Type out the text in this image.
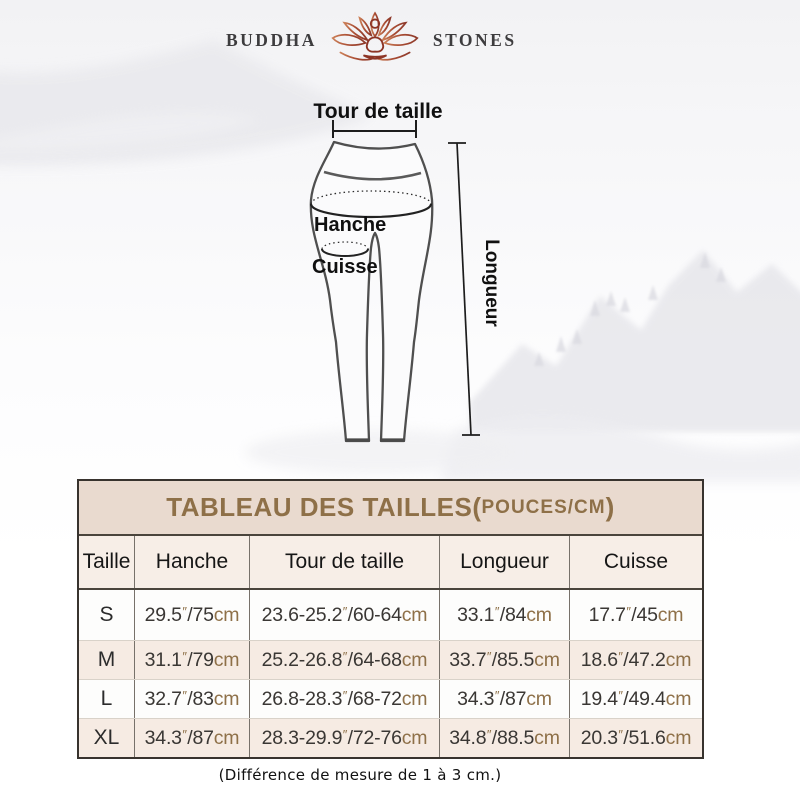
BUDDHA	STONES
Tour de taille
Hanche
Cuisse	Longueur
TABLEAU DES TAILLES( POUCES/CM )
Taille	Hanche	Tour de taille	Longueur	Cuisse
S	29.5″/75cm 23.6-25.2″/60-64cm 33.1″/84cm 17.7″/45cm
M	31.1″/79cm 25.2-26.8″/64-68cm 33.7″/85.5cm 18.6″/47.2cm
L	32.7″/83cm 26.8-28.3″/68-72cm 34.3″/87cm 19.4″/49.4cm
XL	34.3″/87cm 28.3-29.9″/72-76cm 34.8″/88.5cm 20.3″/51.6cm
(Différence de mesure de 1 à 3 cm.)
